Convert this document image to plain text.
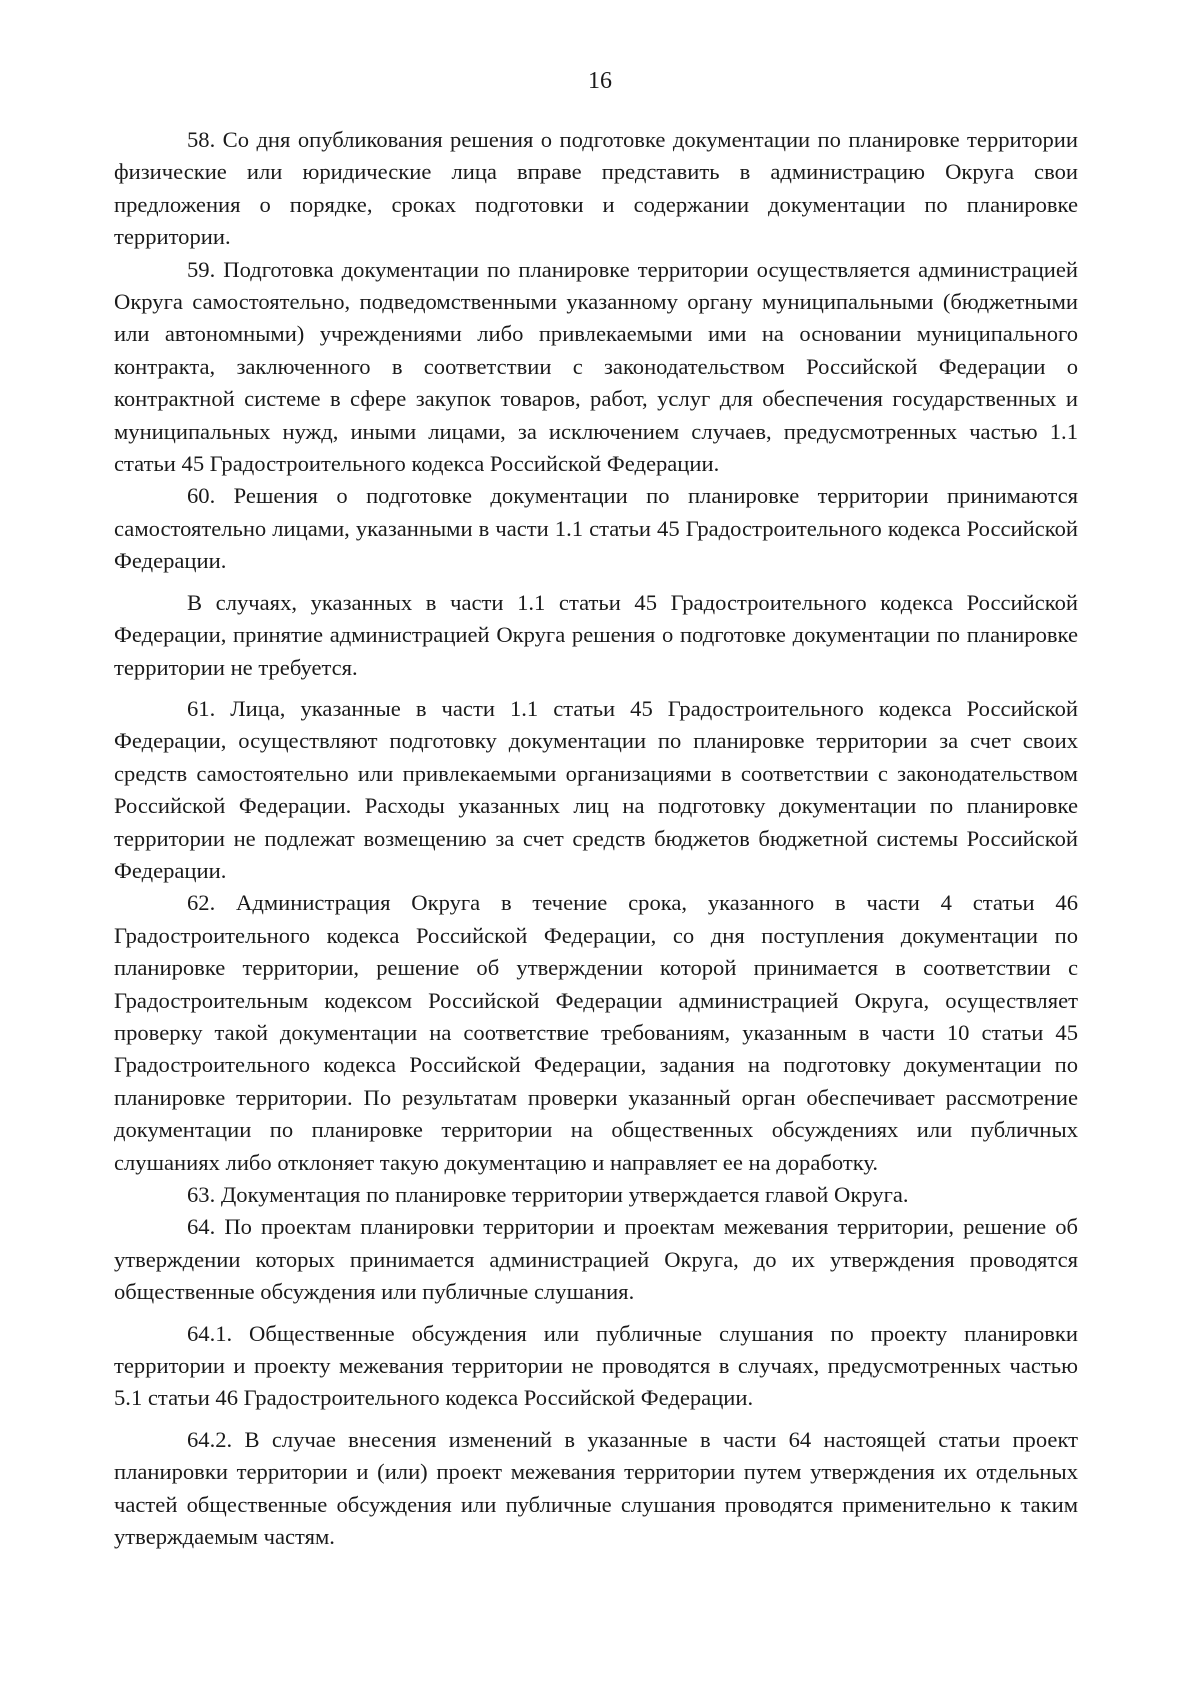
16

58. Со дня опубликования решения о подготовке документации по планировке территории физические или юридические лица вправе представить в администрацию Округа свои предложения о порядке, сроках подготовки и содержании документации по планировке территории.

59. Подготовка документации по планировке территории осуществляется администрацией Округа самостоятельно, подведомственными указанному органу муниципальными (бюджетными или автономными) учреждениями либо привлекаемыми ими на основании муниципального контракта, заключенного в соответствии с законодательством Российской Федерации о контрактной системе в сфере закупок товаров, работ, услуг для обеспечения государственных и муниципальных нужд, иными лицами, за исключением случаев, предусмотренных частью 1.1 статьи 45 Градостроительного кодекса Российской Федерации.

60. Решения о подготовке документации по планировке территории принимаются самостоятельно лицами, указанными в части 1.1 статьи 45 Градостроительного кодекса Российской Федерации.

В случаях, указанных в части 1.1 статьи 45 Градостроительного кодекса Российской Федерации, принятие администрацией Округа решения о подготовке документации по планировке территории не требуется.

61. Лица, указанные в части 1.1 статьи 45 Градостроительного кодекса Российской Федерации, осуществляют подготовку документации по планировке территории за счет своих средств самостоятельно или привлекаемыми организациями в соответствии с законодательством Российской Федерации. Расходы указанных лиц на подготовку документации по планировке территории не подлежат возмещению за счет средств бюджетов бюджетной системы Российской Федерации.

62. Администрация Округа в течение срока, указанного в части 4 статьи 46 Градостроительного кодекса Российской Федерации, со дня поступления документации по планировке территории, решение об утверждении которой принимается в соответствии с Градостроительным кодексом Российской Федерации администрацией Округа, осуществляет проверку такой документации на соответствие требованиям, указанным в части 10 статьи 45 Градостроительного кодекса Российской Федерации, задания на подготовку документации по планировке территории. По результатам проверки указанный орган обеспечивает рассмотрение документации по планировке территории на общественных обсуждениях или публичных слушаниях либо отклоняет такую документацию и направляет ее на доработку.

63. Документация по планировке территории утверждается главой Округа.

64. По проектам планировки территории и проектам межевания территории, решение об утверждении которых принимается администрацией Округа, до их утверждения проводятся общественные обсуждения или публичные слушания.

64.1. Общественные обсуждения или публичные слушания по проекту планировки территории и проекту межевания территории не проводятся в случаях, предусмотренных частью 5.1 статьи 46 Градостроительного кодекса Российской Федерации.

64.2. В случае внесения изменений в указанные в части 64 настоящей статьи проект планировки территории и (или) проект межевания территории путем утверждения их отдельных частей общественные обсуждения или публичные слушания проводятся применительно к таким утверждаемым частям.
